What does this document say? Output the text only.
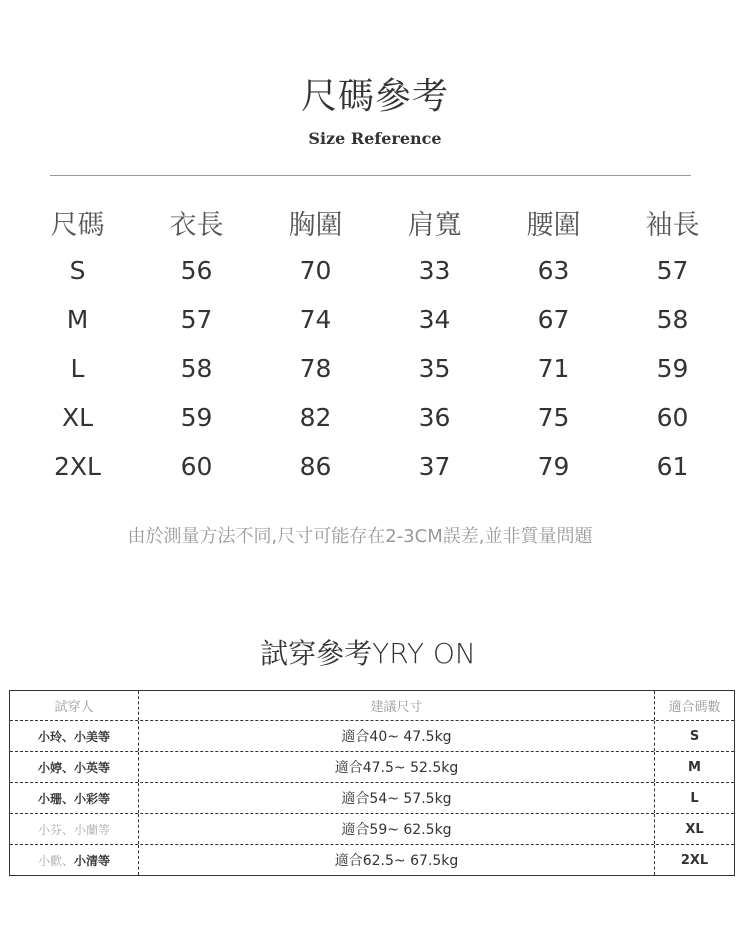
尺碼參考
Size Reference
尺碼	衣長	胸圍	肩寬	腰圍	袖長
S	56	70	33	63	57
M	57	74	34	67	58
L	58	78	35	71	59
XL	59	82	36	75	60
2XL	60	86	37	79	61
由於測量方法不同,尺寸可能存在2-3CM誤差,並非質量問題
試穿參考YRY ON
試穿人	建議尺寸	適合碼數
小玲、 小美等	適合40~ 47.5kg	S
小婷、 小英等	適合47.5~ 52.5kg	M
小珊、 小彩等	適合54~ 57.5kg	L
小芬、 小蘭等	適合59~ 62.5kg	XL
小歡、 小清等	適合62.5~ 67.5kg	2XL
